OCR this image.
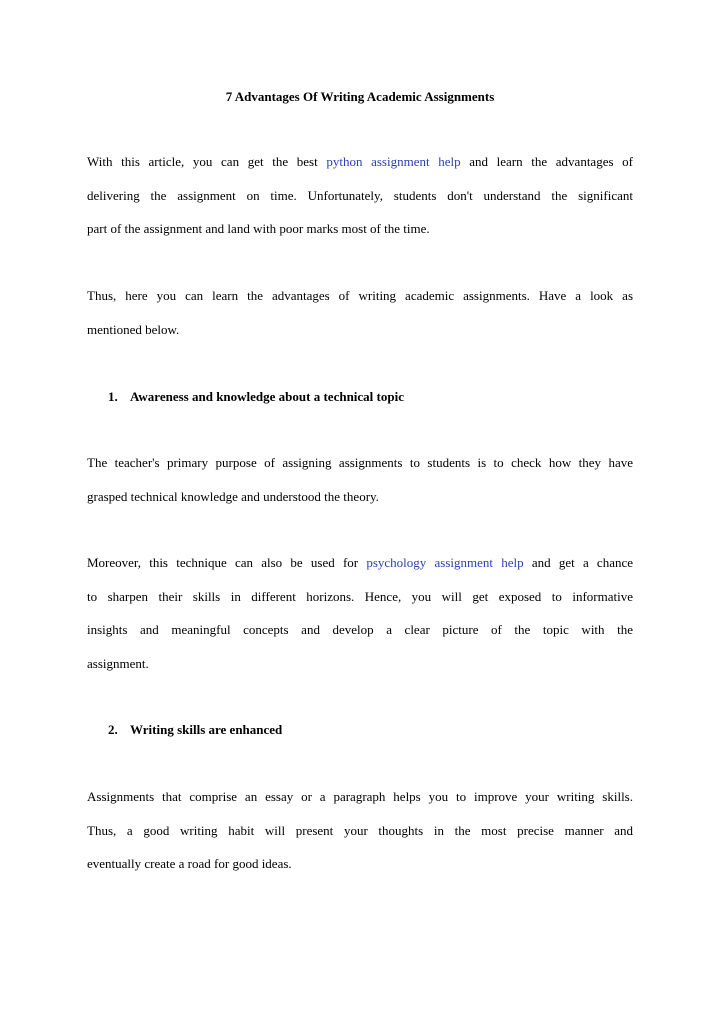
7 Advantages Of Writing Academic Assignments

With this article, you can get the best python assignment help and learn the advantages of
delivering the assignment on time. Unfortunately, students don't understand the significant
part of the assignment and land with poor marks most of the time.

Thus, here you can learn the advantages of writing academic assignments. Have a look as
mentioned below.

1. Awareness and knowledge about a technical topic

The teacher's primary purpose of assigning assignments to students is to check how they have
grasped technical knowledge and understood the theory.

Moreover, this technique can also be used for psychology assignment help and get a chance
to sharpen their skills in different horizons. Hence, you will get exposed to informative
insights and meaningful concepts and develop a clear picture of the topic with the
assignment.

2. Writing skills are enhanced

Assignments that comprise an essay or a paragraph helps you to improve your writing skills.
Thus, a good writing habit will present your thoughts in the most precise manner and
eventually create a road for good ideas.
